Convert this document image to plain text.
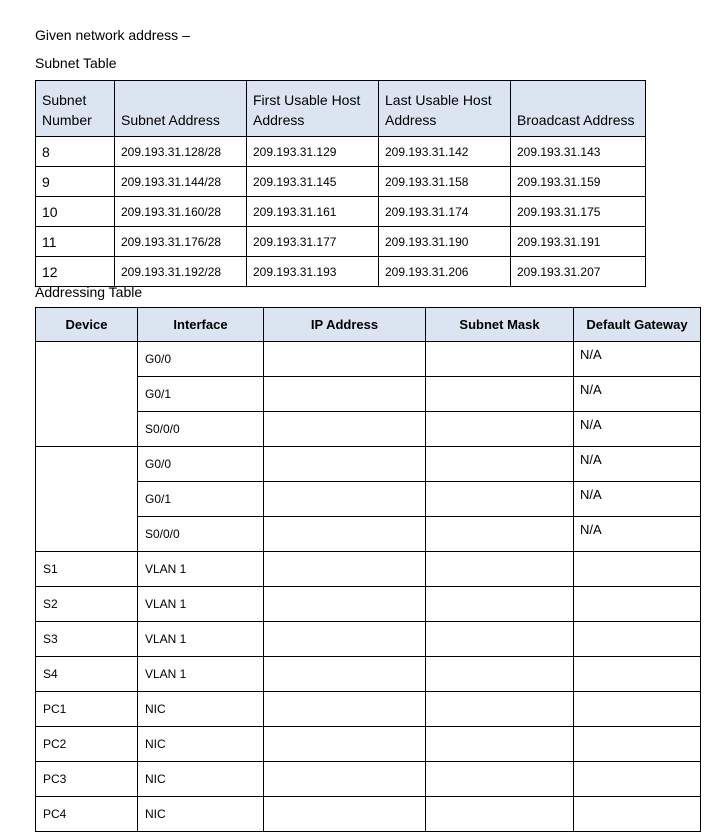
Given network address –
Subnet Table
Subnet Number	Subnet Address	First Usable Host Address	Last Usable Host Address	Broadcast Address
8	209.193.31.128/28	209.193.31.129	209.193.31.142	209.193.31.143
9	209.193.31.144/28	209.193.31.145	209.193.31.158	209.193.31.159
10	209.193.31.160/28	209.193.31.161	209.193.31.174	209.193.31.175
11	209.193.31.176/28	209.193.31.177	209.193.31.190	209.193.31.191
12	209.193.31.192/28	209.193.31.193	209.193.31.206	209.193.31.207
Addressing Table
Device	Interface	IP Address	Subnet Mask	Default Gateway
	G0/0			N/A
	G0/1			N/A
	S0/0/0			N/A
	G0/0			N/A
	G0/1			N/A
	S0/0/0			N/A
S1	VLAN 1			
S2	VLAN 1			
S3	VLAN 1			
S4	VLAN 1			
PC1	NIC			
PC2	NIC			
PC3	NIC			
PC4	NIC			
